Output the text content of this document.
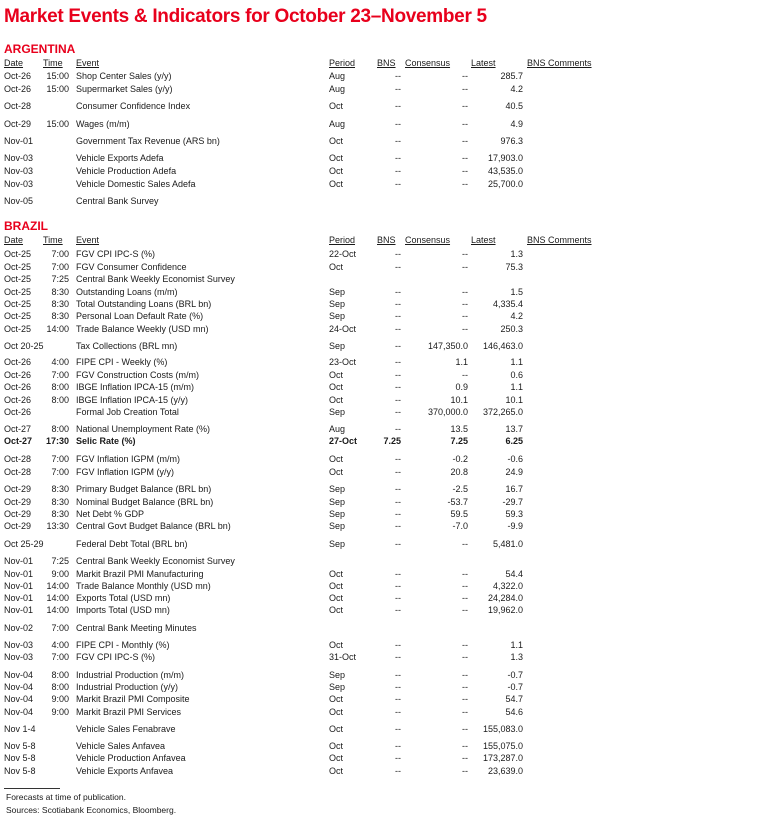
Market Events & Indicators for October 23–November 5
ARGENTINA
Date Time Event	Period BNS Consensus Latest	BNS Comments
Oct-26	15:00 Shop Center Sales (y/y)	Aug	--	--	285.7
Oct-26	15:00 Supermarket Sales (y/y)	Aug	--	--	4.2
Oct-28	Consumer Confidence Index	Oct	--	--	40.5
Oct-29	15:00 Wages (m/m)	Aug	--	--	4.9
Nov-01	Government Tax Revenue (ARS bn)	Oct	--	--	976.3
Nov-03	Vehicle Exports Adefa	Oct	--	--	17,903.0
Nov-03	Vehicle Production Adefa	Oct	--	--	43,535.0
Nov-03	Vehicle Domestic Sales Adefa	Oct	--	--	25,700.0
Nov-05	Central Bank Survey
BRAZIL
Date Time Event	Period BNS Consensus Latest	BNS Comments
Oct-25	7:00 FGV CPI IPC-S (%)	22-Oct	--	--	1.3
Oct-25	7:00 FGV Consumer Confidence	Oct	--	--	75.3
Oct-25	7:25 Central Bank Weekly Economist Survey
Oct-25	8:30 Outstanding Loans (m/m)	Sep	--	--	1.5
Oct-25	8:30 Total Outstanding Loans (BRL bn)	Sep	--	--	4,335.4
Oct-25	8:30 Personal Loan Default Rate (%)	Sep	--	--	4.2
Oct-25	14:00 Trade Balance Weekly (USD mn)	24-Oct	--	--	250.3
Oct 20-25	Tax Collections (BRL mn)	Sep	--	147,350.0	146,463.0
Oct-26	4:00 FIPE CPI - Weekly (%)	23-Oct	--	1.1	1.1
Oct-26	7:00 FGV Construction Costs (m/m)	Oct	--	--	0.6
Oct-26	8:00 IBGE Inflation IPCA-15 (m/m)	Oct	--	0.9	1.1
Oct-26	8:00 IBGE Inflation IPCA-15 (y/y)	Oct	--	10.1	10.1
Oct-26	Formal Job Creation Total	Sep	--	370,000.0	372,265.0
Oct-27	8:00 National Unemployment Rate (%)	Aug	--	13.5	13.7
Oct-27	17:30 Selic Rate (%)	27-Oct	7.25	7.25	6.25
Oct-28	7:00 FGV Inflation IGPM (m/m)	Oct	--	-0.2	-0.6
Oct-28	7:00 FGV Inflation IGPM (y/y)	Oct	--	20.8	24.9
Oct-29	8:30 Primary Budget Balance (BRL bn)	Sep	--	-2.5	16.7
Oct-29	8:30 Nominal Budget Balance (BRL bn)	Sep	--	-53.7	-29.7
Oct-29	8:30 Net Debt % GDP	Sep	--	59.5	59.3
Oct-29	13:30 Central Govt Budget Balance (BRL bn)	Sep	--	-7.0	-9.9
Oct 25-29	Federal Debt Total (BRL bn)	Sep	--	--	5,481.0
Nov-01	7:25 Central Bank Weekly Economist Survey
Nov-01	9:00 Markit Brazil PMI Manufacturing	Oct	--	--	54.4
Nov-01	14:00 Trade Balance Monthly (USD mn)	Oct	--	--	4,322.0
Nov-01	14:00 Exports Total (USD mn)	Oct	--	--	24,284.0
Nov-01	14:00 Imports Total (USD mn)	Oct	--	--	19,962.0
Nov-02	7:00 Central Bank Meeting Minutes
Nov-03	4:00 FIPE CPI - Monthly (%)	Oct	--	--	1.1
Nov-03	7:00 FGV CPI IPC-S (%)	31-Oct	--	--	1.3
Nov-04	8:00 Industrial Production (m/m)	Sep	--	--	-0.7
Nov-04	8:00 Industrial Production (y/y)	Sep	--	--	-0.7
Nov-04	9:00 Markit Brazil PMI Composite	Oct	--	--	54.7
Nov-04	9:00 Markit Brazil PMI Services	Oct	--	--	54.6
Nov 1-4	Vehicle Sales Fenabrave	Oct	--	--	155,083.0
Nov 5-8	Vehicle Sales Anfavea	Oct	--	--	155,075.0
Nov 5-8	Vehicle Production Anfavea	Oct	--	--	173,287.0
Nov 5-8	Vehicle Exports Anfavea	Oct	--	--	23,639.0
Forecasts at time of publication.
Sources: Scotiabank Economics, Bloomberg.
